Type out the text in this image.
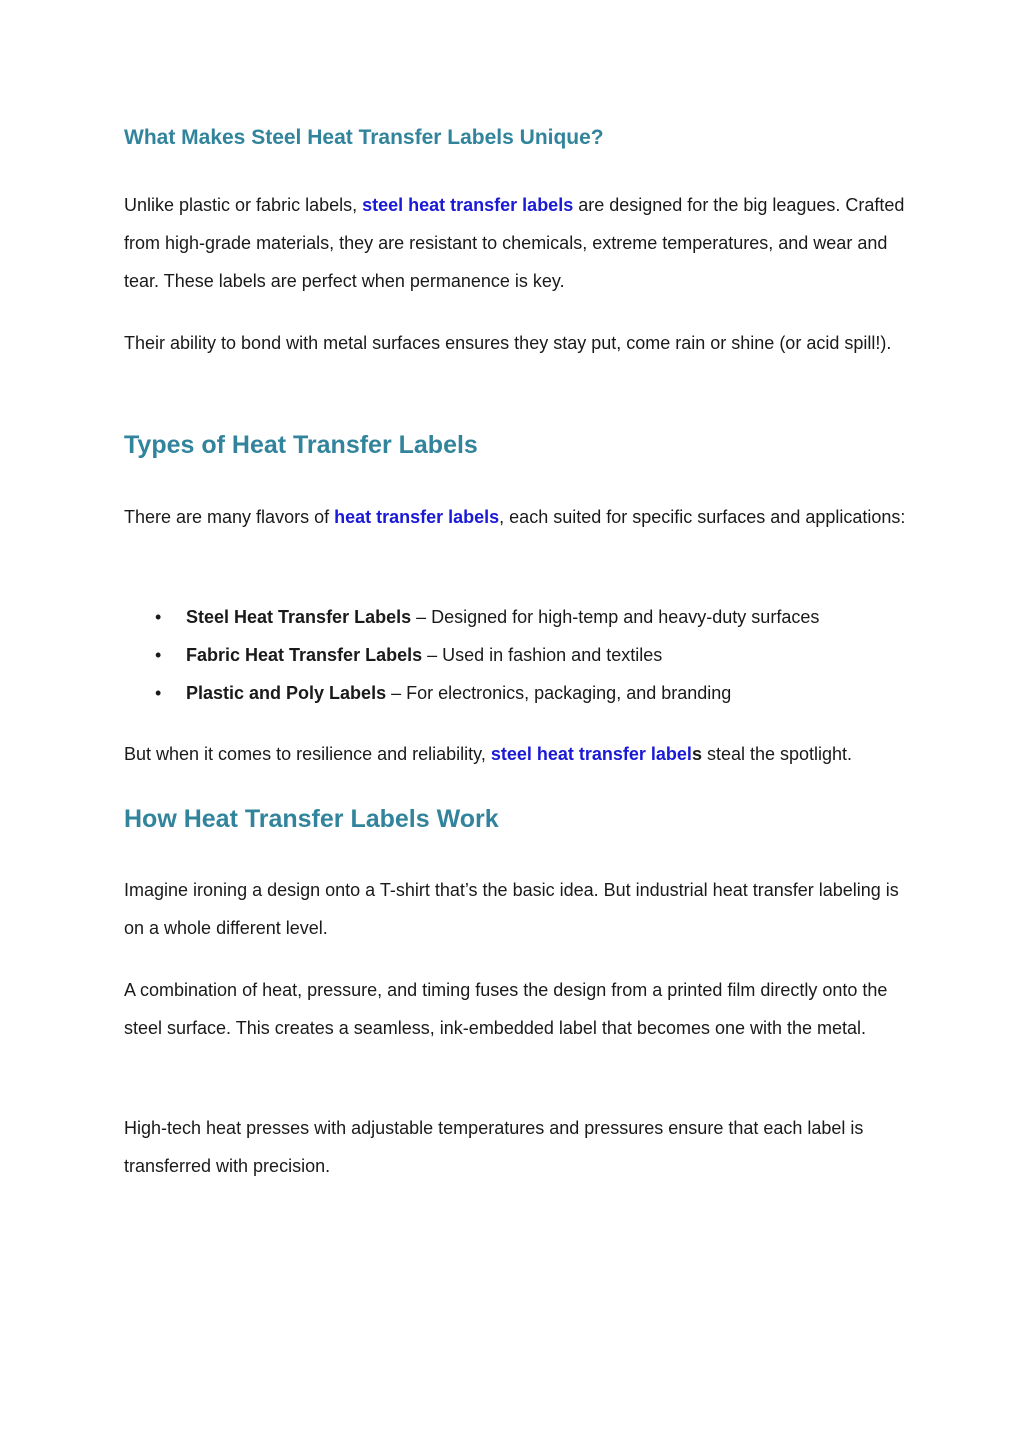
What Makes Steel Heat Transfer Labels Unique?

Unlike plastic or fabric labels, steel heat transfer labels are designed for the big leagues. Crafted from high-grade materials, they are resistant to chemicals, extreme temperatures, and wear and tear. These labels are perfect when permanence is key.

Their ability to bond with metal surfaces ensures they stay put, come rain or shine (or acid spill!).

Types of Heat Transfer Labels

There are many flavors of heat transfer labels, each suited for specific surfaces and applications:

• Steel Heat Transfer Labels – Designed for high-temp and heavy-duty surfaces
• Fabric Heat Transfer Labels – Used in fashion and textiles
• Plastic and Poly Labels – For electronics, packaging, and branding

But when it comes to resilience and reliability, steel heat transfer labels steal the spotlight.

How Heat Transfer Labels Work

Imagine ironing a design onto a T-shirt that’s the basic idea. But industrial heat transfer labeling is on a whole different level.

A combination of heat, pressure, and timing fuses the design from a printed film directly onto the steel surface. This creates a seamless, ink-embedded label that becomes one with the metal.

High-tech heat presses with adjustable temperatures and pressures ensure that each label is transferred with precision.
